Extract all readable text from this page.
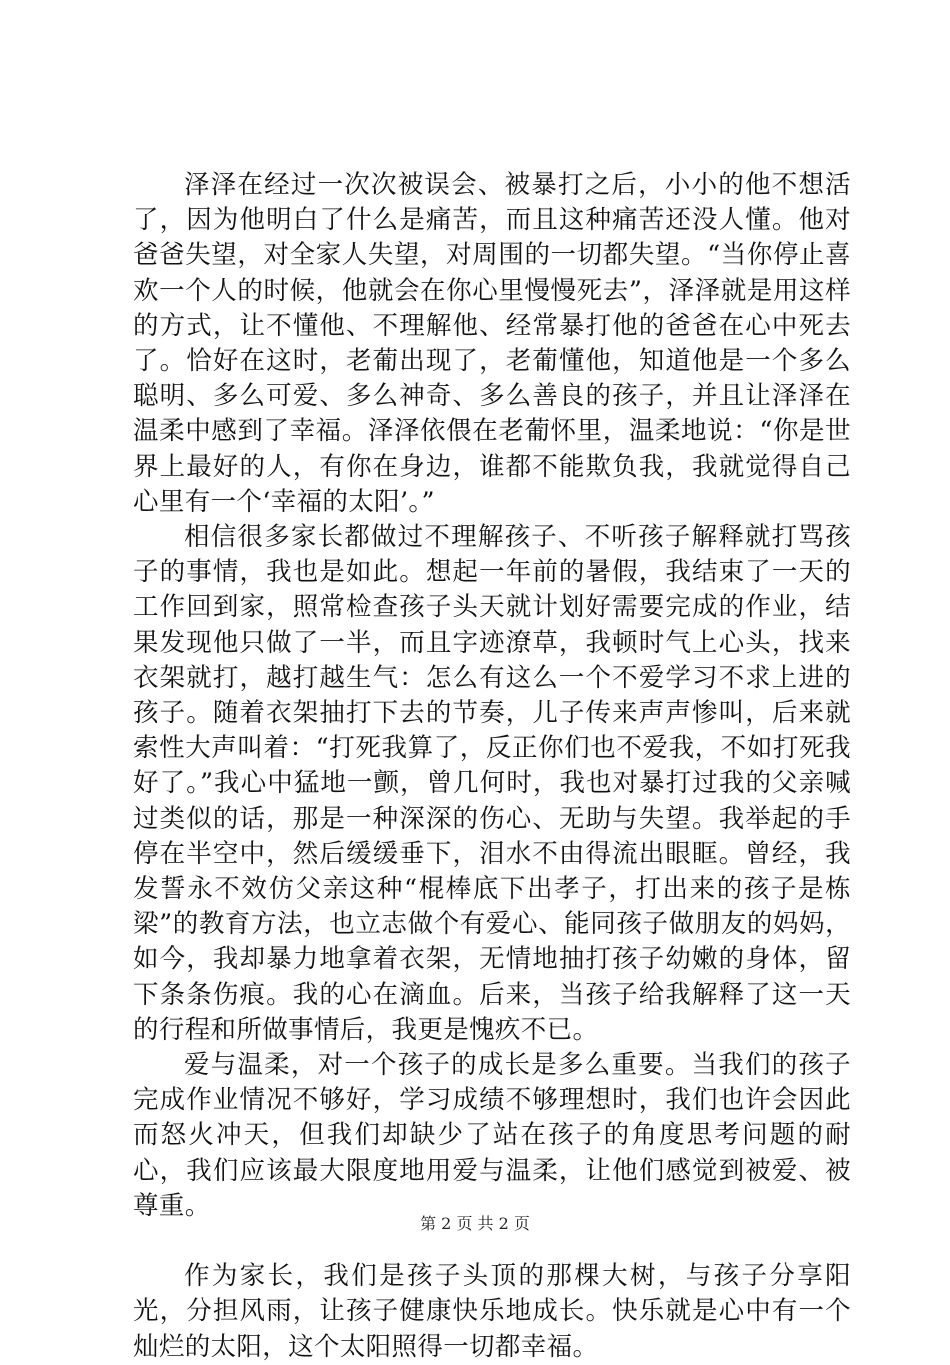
泽泽在经过一次次被误会、被暴打之后，小小的他不想活了，因为他明白了什么是痛苦，而且这种痛苦还没人懂。他对爸爸失望，对全家人失望，对周围的一切都失望。“当你停止喜欢一个人的时候，他就会在你心里慢慢死去”，泽泽就是用这样的方式，让不懂他、不理解他、经常暴打他的爸爸在心中死去了。恰好在这时，老葡出现了，老葡懂他，知道他是一个多么聪明、多么可爱、多么神奇、多么善良的孩子，并且让泽泽在温柔中感到了幸福。泽泽依偎在老葡怀里，温柔地说：“你是世界上最好的人，有你在身边，谁都不能欺负我，我就觉得自己心里有一个‘幸福的太阳’。”

相信很多家长都做过不理解孩子、不听孩子解释就打骂孩子的事情，我也是如此。想起一年前的暑假，我结束了一天的工作回到家，照常检查孩子头天就计划好需要完成的作业，结果发现他只做了一半，而且字迹潦草，我顿时气上心头，找来衣架就打，越打越生气：怎么有这么一个不爱学习不求上进的孩子。随着衣架抽打下去的节奏，儿子传来声声惨叫，后来就索性大声叫着：“打死我算了，反正你们也不爱我，不如打死我好了。”我心中猛地一颤，曾几何时，我也对暴打过我的父亲喊过类似的话，那是一种深深的伤心、无助与失望。我举起的手停在半空中，然后缓缓垂下，泪水不由得流出眼眶。曾经，我发誓永不效仿父亲这种“棍棒底下出孝子，打出来的孩子是栋梁”的教育方法，也立志做个有爱心、能同孩子做朋友的妈妈，如今，我却暴力地拿着衣架，无情地抽打孩子幼嫩的身体，留下条条伤痕。我的心在滴血。后来，当孩子给我解释了这一天的行程和所做事情后，我更是愧疚不已。

爱与温柔，对一个孩子的成长是多么重要。当我们的孩子完成作业情况不够好，学习成绩不够理想时，我们也许会因此而怒火冲天，但我们却缺少了站在孩子的角度思考问题的耐心，我们应该最大限度地用爱与温柔，让他们感觉到被爱、被尊重。

作为家长，我们是孩子头顶的那棵大树，与孩子分享阳光，分担风雨，让孩子健康快乐地成长。快乐就是心中有一个灿烂的太阳，这个太阳照得一切都幸福。

第 2 页 共 2 页
